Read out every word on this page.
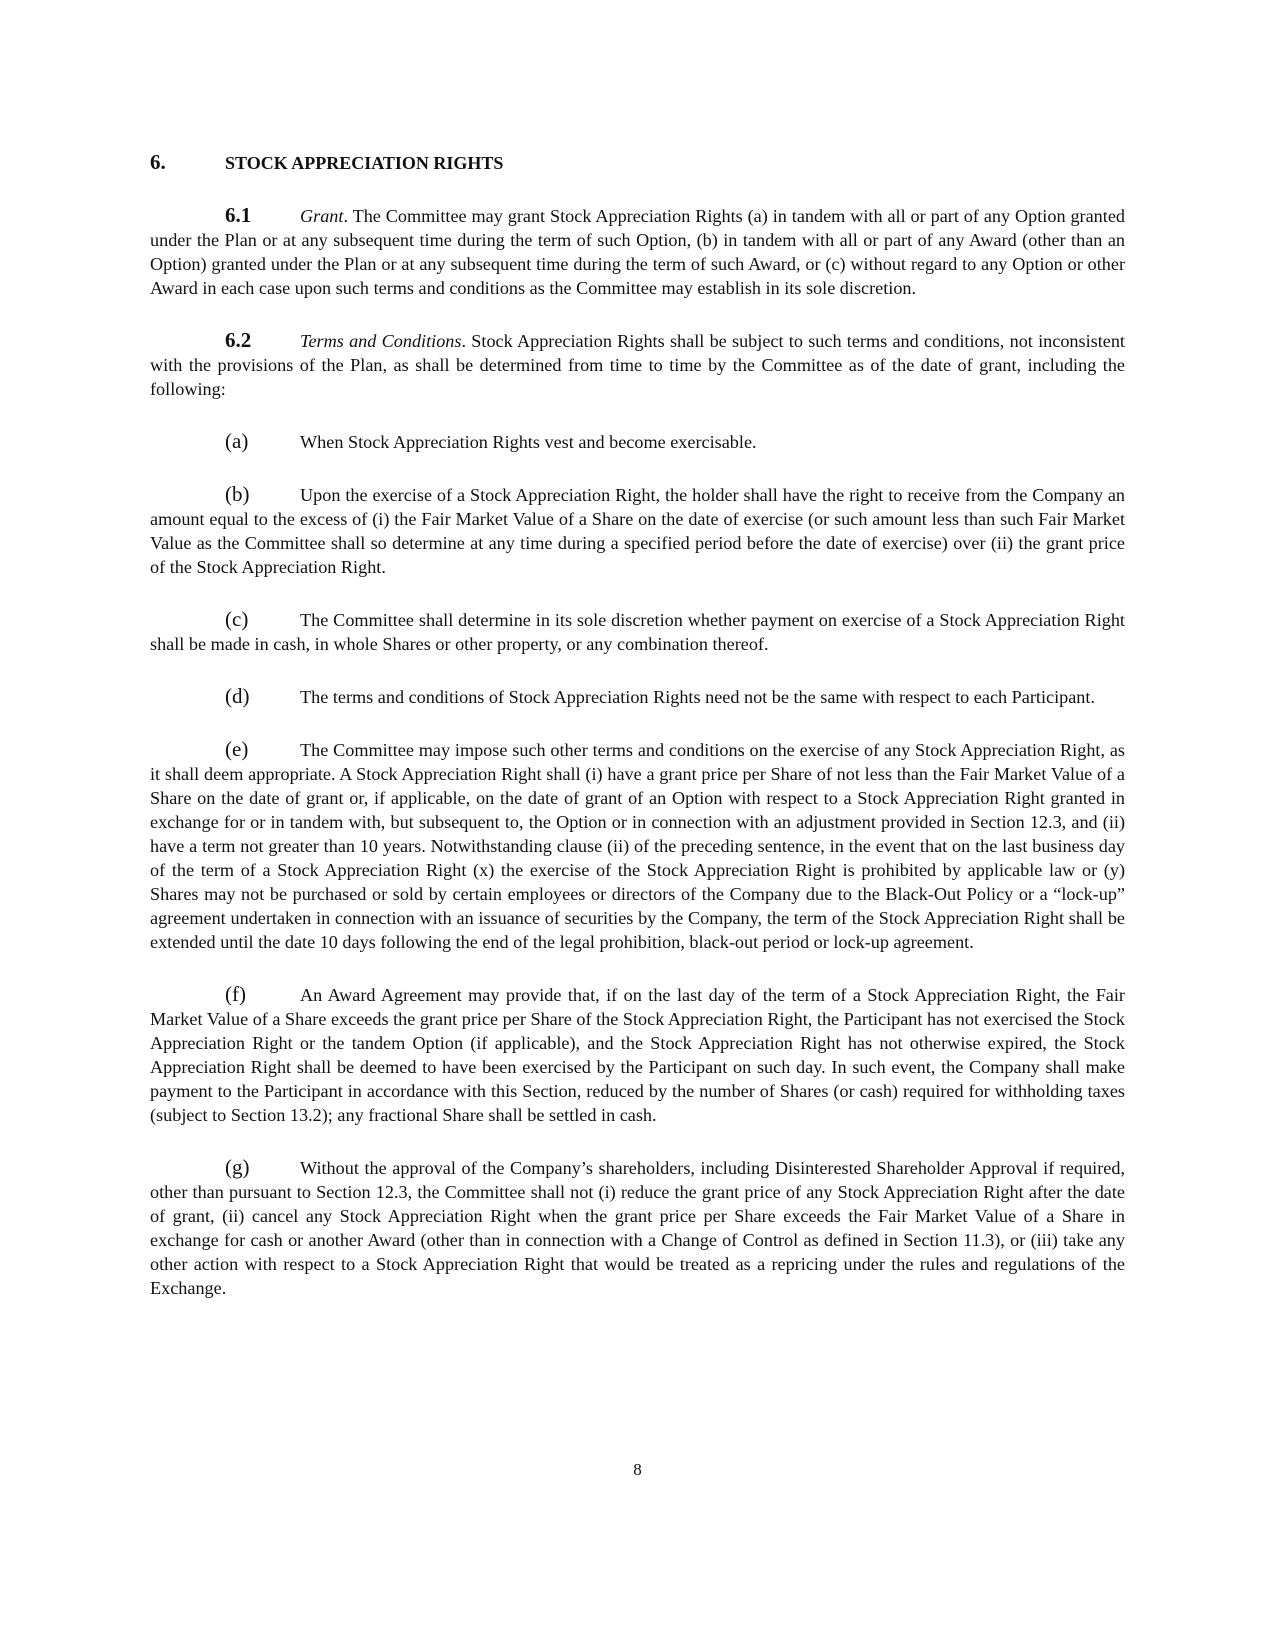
6.	STOCK APPRECIATION RIGHTS

6.1	Grant. The Committee may grant Stock Appreciation Rights (a) in tandem with all or part of any Option granted under the Plan or at any subsequent time during the term of such Option, (b) in tandem with all or part of any Award (other than an Option) granted under the Plan or at any subsequent time during the term of such Award, or (c) without regard to any Option or other Award in each case upon such terms and conditions as the Committee may establish in its sole discretion.

6.2	Terms and Conditions. Stock Appreciation Rights shall be subject to such terms and conditions, not inconsistent with the provisions of the Plan, as shall be determined from time to time by the Committee as of the date of grant, including the following:

(a)	When Stock Appreciation Rights vest and become exercisable.

(b)	Upon the exercise of a Stock Appreciation Right, the holder shall have the right to receive from the Company an amount equal to the excess of (i) the Fair Market Value of a Share on the date of exercise (or such amount less than such Fair Market Value as the Committee shall so determine at any time during a specified period before the date of exercise) over (ii) the grant price of the Stock Appreciation Right.

(c)	The Committee shall determine in its sole discretion whether payment on exercise of a Stock Appreciation Right shall be made in cash, in whole Shares or other property, or any combination thereof.

(d)	The terms and conditions of Stock Appreciation Rights need not be the same with respect to each Participant.

(e)	The Committee may impose such other terms and conditions on the exercise of any Stock Appreciation Right, as it shall deem appropriate. A Stock Appreciation Right shall (i) have a grant price per Share of not less than the Fair Market Value of a Share on the date of grant or, if applicable, on the date of grant of an Option with respect to a Stock Appreciation Right granted in exchange for or in tandem with, but subsequent to, the Option or in connection with an adjustment provided in Section 12.3, and (ii) have a term not greater than 10 years. Notwithstanding clause (ii) of the preceding sentence, in the event that on the last business day of the term of a Stock Appreciation Right (x) the exercise of the Stock Appreciation Right is prohibited by applicable law or (y) Shares may not be purchased or sold by certain employees or directors of the Company due to the Black-Out Policy or a “lock-up” agreement undertaken in connection with an issuance of securities by the Company, the term of the Stock Appreciation Right shall be extended until the date 10 days following the end of the legal prohibition, black-out period or lock-up agreement.

(f)	An Award Agreement may provide that, if on the last day of the term of a Stock Appreciation Right, the Fair Market Value of a Share exceeds the grant price per Share of the Stock Appreciation Right, the Participant has not exercised the Stock Appreciation Right or the tandem Option (if applicable), and the Stock Appreciation Right has not otherwise expired, the Stock Appreciation Right shall be deemed to have been exercised by the Participant on such day. In such event, the Company shall make payment to the Participant in accordance with this Section, reduced by the number of Shares (or cash) required for withholding taxes (subject to Section 13.2); any fractional Share shall be settled in cash.

(g)	Without the approval of the Company’s shareholders, including Disinterested Shareholder Approval if required, other than pursuant to Section 12.3, the Committee shall not (i) reduce the grant price of any Stock Appreciation Right after the date of grant, (ii) cancel any Stock Appreciation Right when the grant price per Share exceeds the Fair Market Value of a Share in exchange for cash or another Award (other than in connection with a Change of Control as defined in Section 11.3), or (iii) take any other action with respect to a Stock Appreciation Right that would be treated as a repricing under the rules and regulations of the Exchange.

8
